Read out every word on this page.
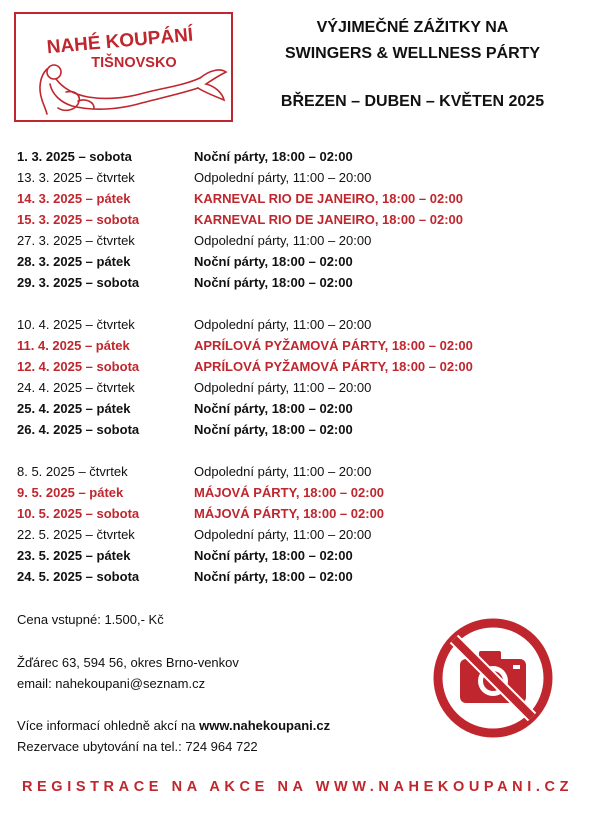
NAHÉ KOUPÁNÍ
TIŠNOVSKO
VÝJIMEČNÉ ZÁŽITKY NA
SWINGERS & WELLNESS PÁRTY
BŘEZEN – DUBEN – KVĚTEN 2025
1. 3. 2025 – sobota	Noční párty, 18:00 – 02:00
13. 3. 2025 – čtvrtek	Odpolední párty, 11:00 – 20:00
14. 3. 2025 – pátek	KARNEVAL RIO DE JANEIRO, 18:00 – 02:00
15. 3. 2025 – sobota	KARNEVAL RIO DE JANEIRO, 18:00 – 02:00
27. 3. 2025 – čtvrtek	Odpolední párty, 11:00 – 20:00
28. 3. 2025 – pátek	Noční párty, 18:00 – 02:00
29. 3. 2025 – sobota	Noční párty, 18:00 – 02:00
10. 4. 2025 – čtvrtek	Odpolední párty, 11:00 – 20:00
11. 4. 2025 – pátek	APRÍLOVÁ PYŽAMOVÁ PÁRTY, 18:00 – 02:00
12. 4. 2025 – sobota	APRÍLOVÁ PYŽAMOVÁ PÁRTY, 18:00 – 02:00
24. 4. 2025 – čtvrtek	Odpolední párty, 11:00 – 20:00
25. 4. 2025 – pátek	Noční párty, 18:00 – 02:00
26. 4. 2025 – sobota	Noční párty, 18:00 – 02:00
8. 5. 2025 – čtvrtek	Odpolední párty, 11:00 – 20:00
9. 5. 2025 – pátek	MÁJOVÁ PÁRTY, 18:00 – 02:00
10. 5. 2025 – sobota	MÁJOVÁ PÁRTY, 18:00 – 02:00
22. 5. 2025 – čtvrtek	Odpolední párty, 11:00 – 20:00
23. 5. 2025 – pátek	Noční párty, 18:00 – 02:00
24. 5. 2025 – sobota	Noční párty, 18:00 – 02:00
Cena vstupné: 1.500,- Kč
Žďárec 63, 594 56, okres Brno-venkov
email: nahekoupani@seznam.cz
Více informací ohledně akcí na www.nahekoupani.cz
Rezervace ubytování na tel.: 724 964 722
REGISTRACE NA AKCE NA WWW.NAHEKOUPANI.CZ
